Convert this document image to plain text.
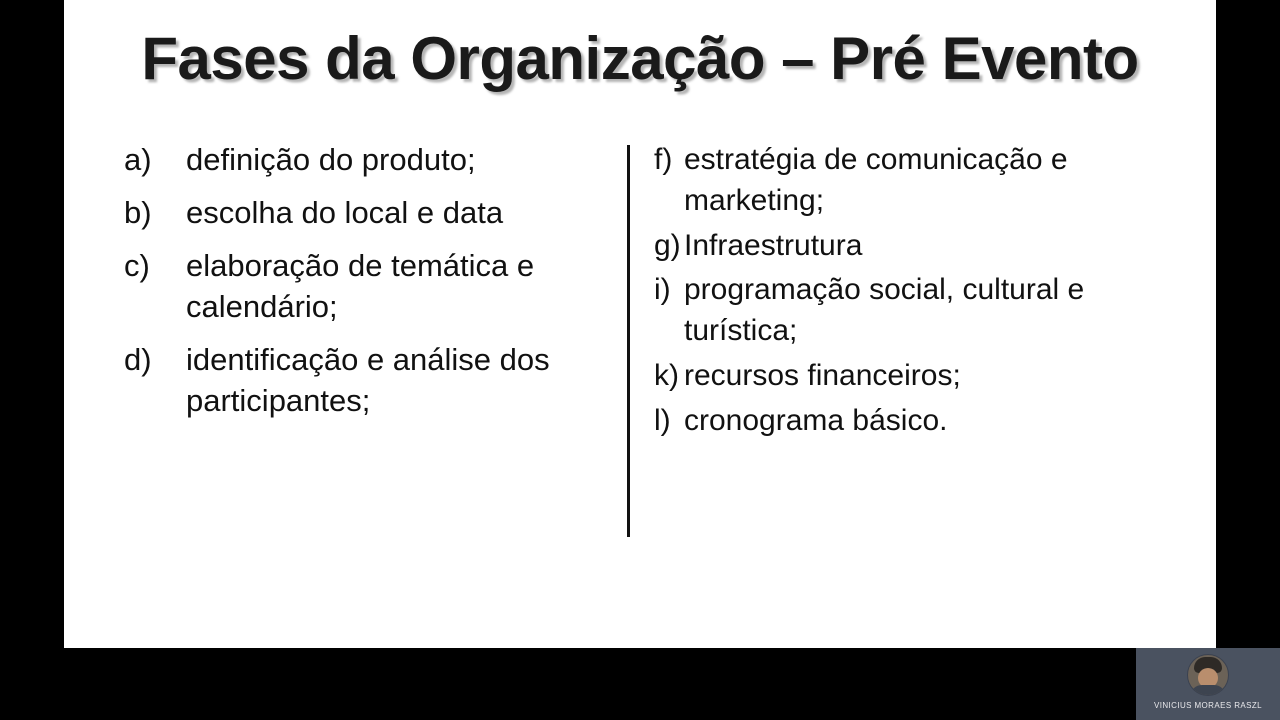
Fases da Organização – Pré Evento
a)	definição do produto;
b)	escolha do local e data
c)	elaboração de temática e calendário;
d)	identificação e análise dos participantes;
f) estratégia de comunicação e marketing;
g) Infraestrutura
i) programação social, cultural e turística;
k) recursos financeiros;
l) cronograma básico.
VINICIUS MORAES RASZL
